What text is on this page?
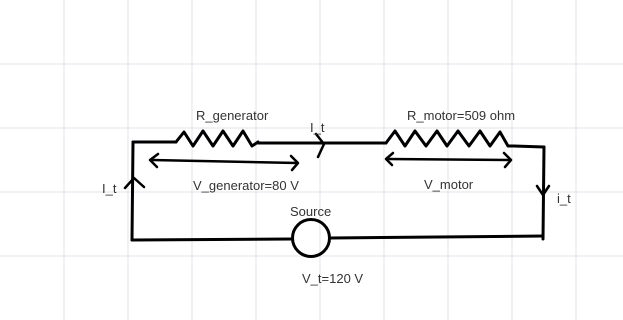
R_generator	R_motor=509 ohm
I_t
I_t
i_t
V_generator=80 V	V_motor
Source
V_t=120 V
